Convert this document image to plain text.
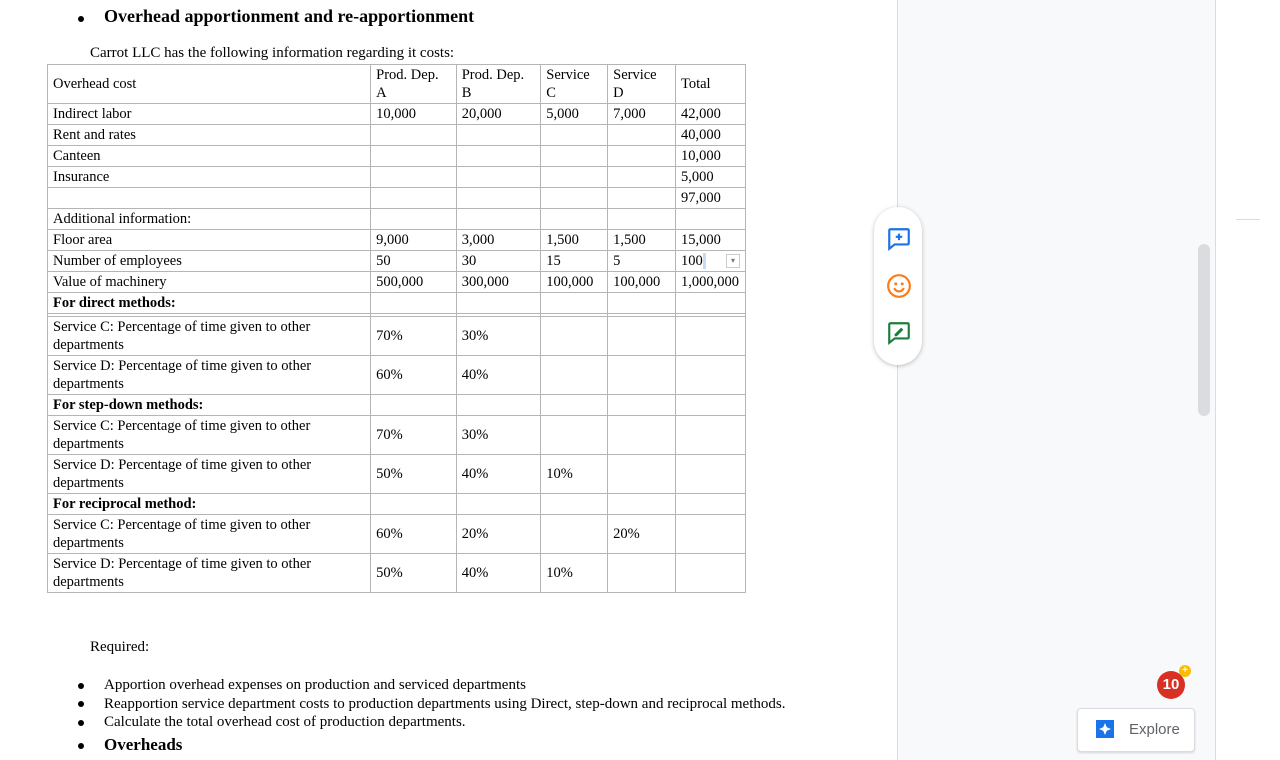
Overhead apportionment and re-apportionment
Carrot LLC has the following information regarding it costs:
Overhead cost	Prod. Dep. A	Prod. Dep. B	Service C	Service D	Total
Indirect labor	10,000	20,000	5,000	7,000	42,000
Rent and rates					40,000
Canteen					10,000
Insurance					5,000
					97,000
Additional information:					
Floor area	9,000	3,000	1,500	1,500	15,000
Number of employees	50	30	15	5	100 ▾

Value of machinery	500,000	300,000	100,000	100,000	1,000,000
For direct methods:					

Service C: Percentage of time given to other departments	70%	30%			
Service D: Percentage of time given to other departments	60%	40%			
For step-down methods:					
Service C: Percentage of time given to other departments	70%	30%			
Service D: Percentage of time given to other departments	50%	40%	10%		
For reciprocal method:					
Service C: Percentage of time given to other departments	60%	20%		20%	
Service D: Percentage of time given to other departments	50%	40%	10%		
Required:
Apportion overhead expenses on production and serviced departments
Reapportion service department costs to production departments using Direct, step-down and reciprocal methods.
Calculate the total overhead cost of production departments.
Overheads
10
+
Explore
